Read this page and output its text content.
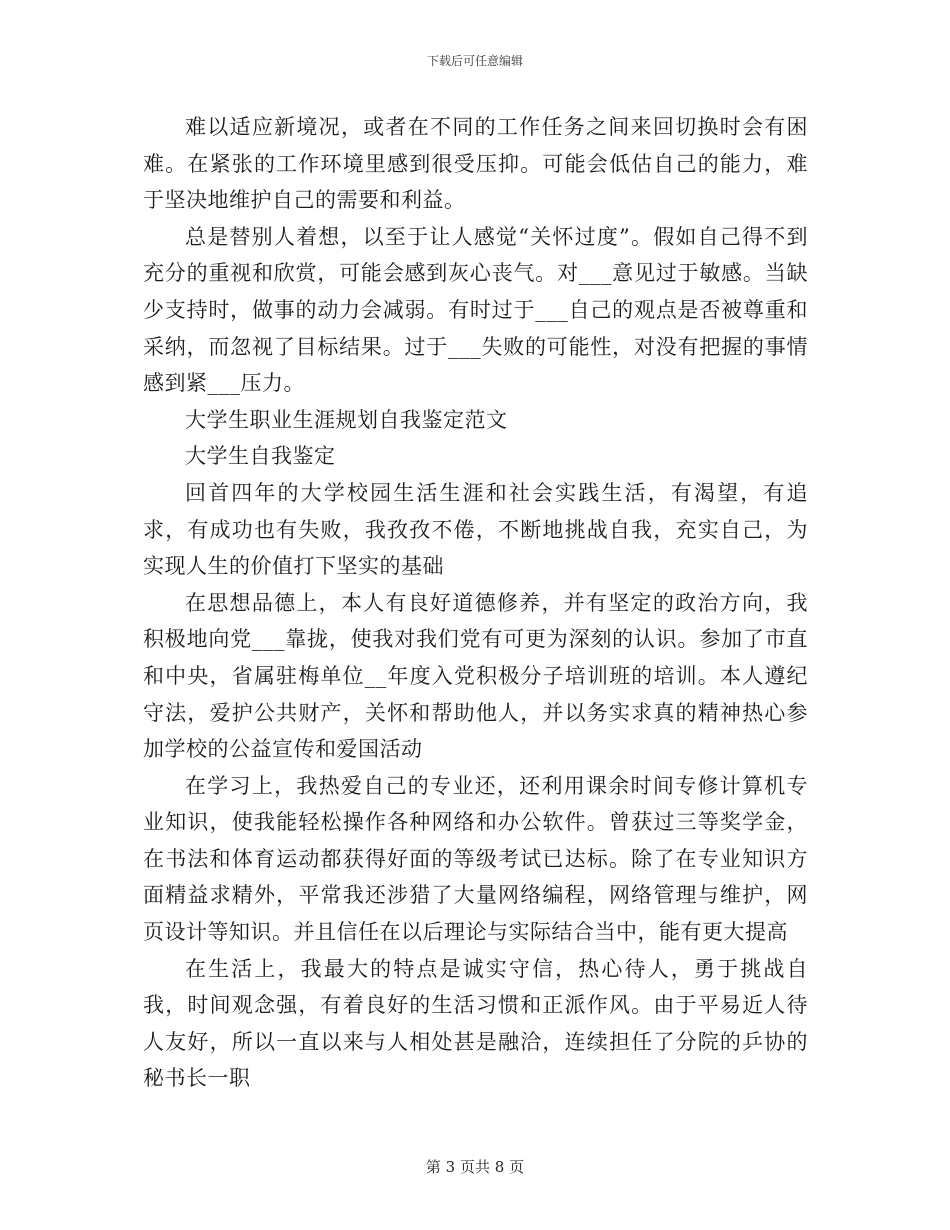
下载后可任意编辑

难以适应新境况，或者在不同的工作任务之间来回切换时会有困难。在紧张的工作环境里感到很受压抑。可能会低估自己的能力，难于坚决地维护自己的需要和利益。

总是替别人着想，以至于让人感觉“关怀过度”。假如自己得不到充分的重视和欣赏，可能会感到灰心丧气。对___意见过于敏感。当缺少支持时，做事的动力会减弱。有时过于___自己的观点是否被尊重和采纳，而忽视了目标结果。过于___失败的可能性，对没有把握的事情感到紧___压力。

大学生职业生涯规划自我鉴定范文

大学生自我鉴定

回首四年的大学校园生活生涯和社会实践生活，有渴望，有追求，有成功也有失败，我孜孜不倦，不断地挑战自我，充实自己，为实现人生的价值打下坚实的基础

在思想品德上，本人有良好道德修养，并有坚定的政治方向，我积极地向党___靠拢，使我对我们党有可更为深刻的认识。参加了市直和中央，省属驻梅单位__年度入党积极分子培训班的培训。本人遵纪守法，爱护公共财产，关怀和帮助他人，并以务实求真的精神热心参加学校的公益宣传和爱国活动

在学习上，我热爱自己的专业还，还利用课余时间专修计算机专业知识，使我能轻松操作各种网络和办公软件。曾获过三等奖学金，在书法和体育运动都获得好面的等级考试已达标。除了在专业知识方面精益求精外，平常我还涉猎了大量网络编程，网络管理与维护，网页设计等知识。并且信任在以后理论与实际结合当中，能有更大提高

在生活上，我最大的特点是诚实守信，热心待人，勇于挑战自我，时间观念强，有着良好的生活习惯和正派作风。由于平易近人待人友好，所以一直以来与人相处甚是融洽，连续担任了分院的乒协的秘书长一职

第 3 页共 8 页
